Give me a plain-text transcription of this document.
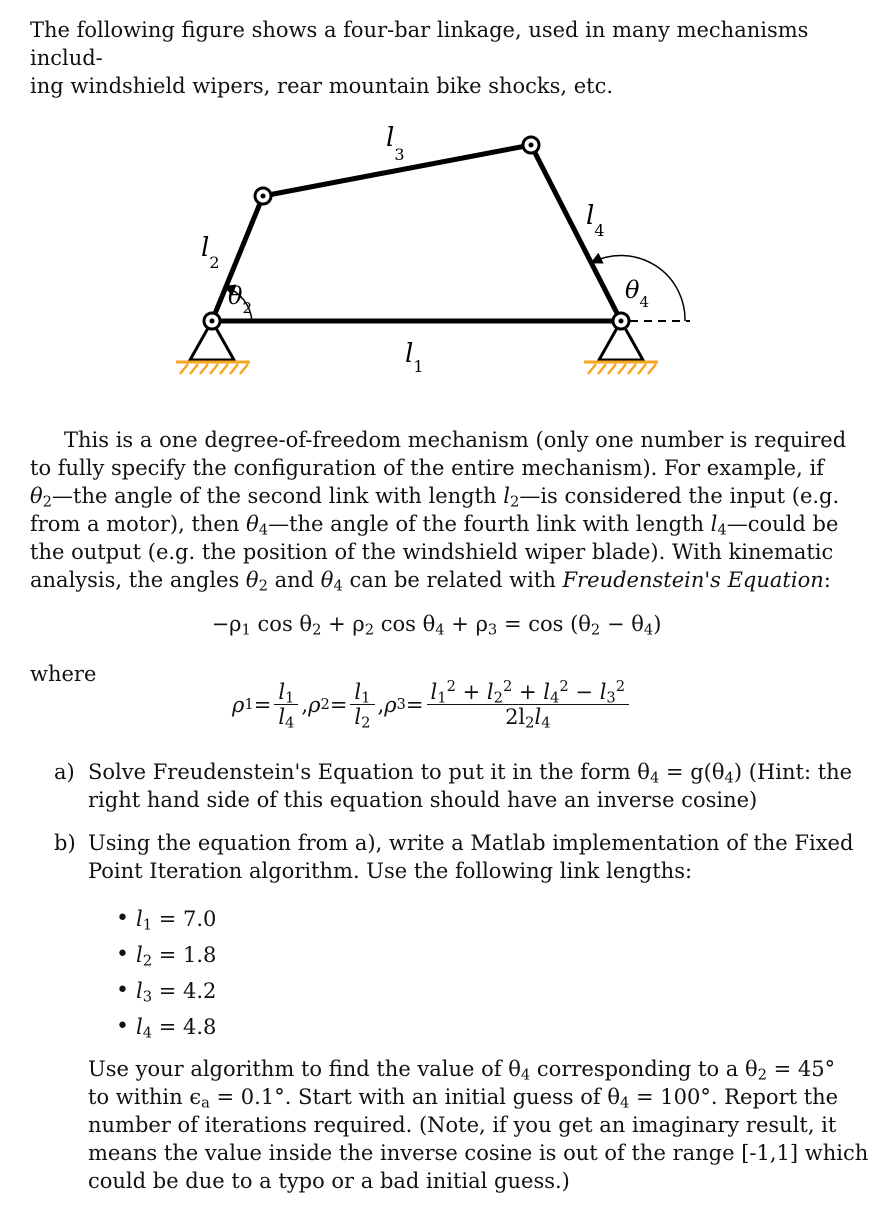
The following figure shows a four-bar linkage, used in many mechanisms includ-
ing windshield wipers, rear mountain bike shocks, etc.
$l_3$
$l_4$
$l_2$
$l_1$
$\theta_2$
$\theta_4$
This is a one degree-of-freedom mechanism (only one number is required
to fully specify the configuration of the entire mechanism). For example, if
$\theta_2—the$ angle of the second link with length $l_2—is$ considered the input (e.g.
from a motor), then $\theta_4—the$ angle of the fourth link with length $l_4—could$ be
the output (e.g. the position of the windshield wiper blade). With kinematic
analysis, the angles $\theta_2$ and $\theta_4$ can be related with Freudenstein's Equation:
$-\rho_1$ $\cos \theta_2 + \rho_2$ $\cos \theta_4 + \rho_3 = \cos (\theta_2 - \theta_4)$
where
ρ $1 = \frac{l_1}{l_4}$ , ρ $2 = \frac{l_1}{l_2}$ , ρ $3 = \frac{l_1^2 + l_2^2 + l_4^2 - l_3^2}{2l_2l_4}$
a) Solve Freudenstein's Equation to put it in the form $\theta_4 = g(\theta_4)$ (Hint: the
right hand side of this equation should have an inverse cosine)
b) Using the equation from a), write a Matlab implementation of the Fixed
Point Iteration algorithm. Use the following link lengths:
• $l_1 = 7.0$
• $l_2 = 1.8$
• $l_3 = 4.2$
• $l_4 = 4.8$
Use your algorithm to find the value of $\theta_4$ corresponding to a $\theta_2 = 45^\circ$
to within $\epsilon_a = 0.1^\circ$. Start with an initial guess of $\theta_4 = 100^\circ$. Report the
number of iterations required. (Note, if you get an imaginary result, it
means the value inside the inverse cosine is out of the range [-1,1] which
could be due to a typo or a bad initial guess.)
